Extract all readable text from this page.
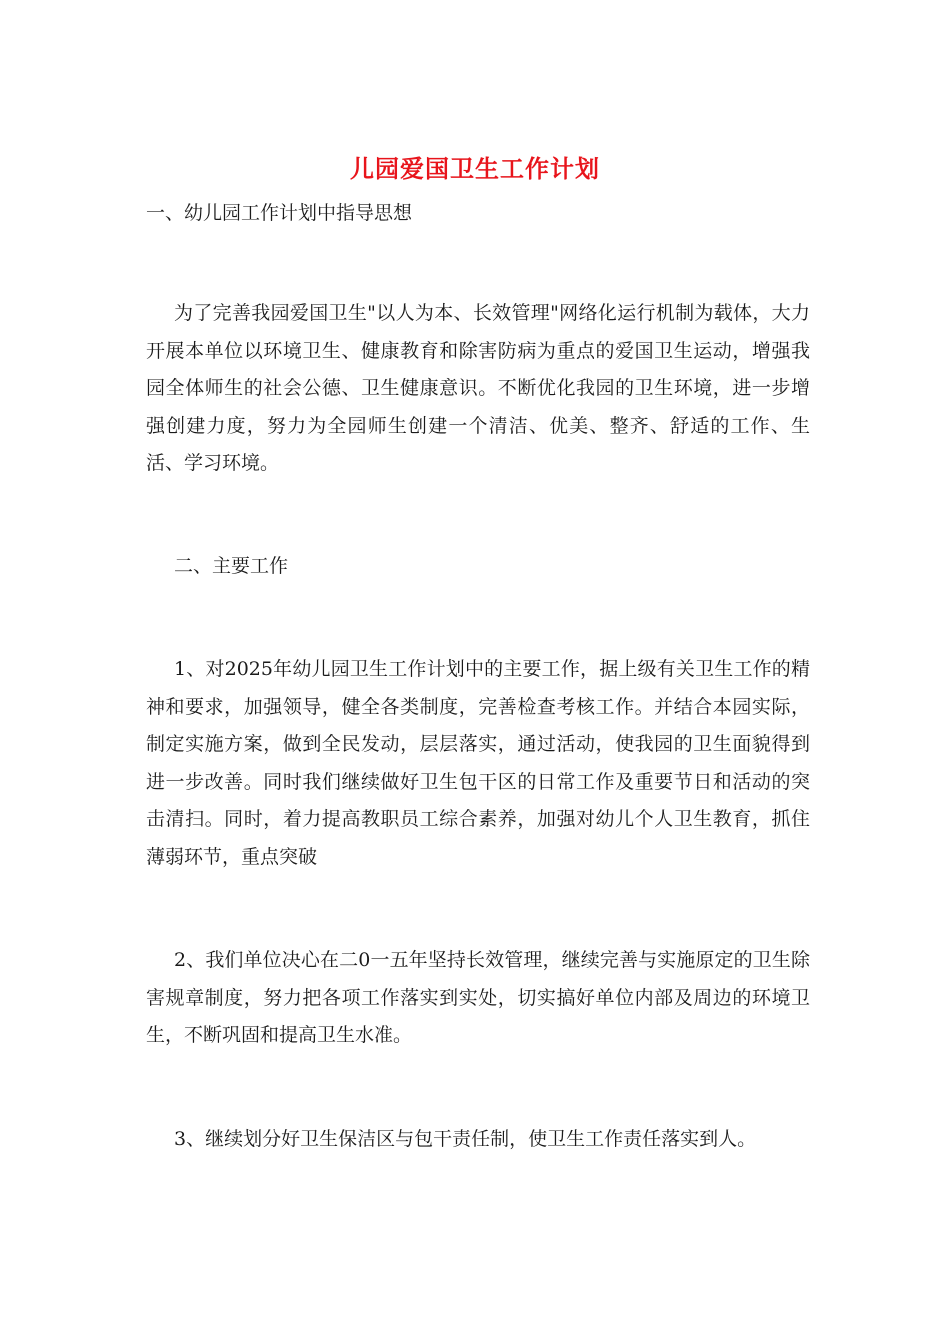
儿园爱国卫生工作计划
一、幼儿园工作计划中指导思想

为了完善我园爱国卫生"以人为本、长效管理"网络化运行机制为载体，大力开展本单位以环境卫生、健康教育和除害防病为重点的爱国卫生运动，增强我园全体师生的社会公德、卫生健康意识。不断优化我园的卫生环境，进一步增强创建力度，努力为全园师生创建一个清洁、优美、整齐、舒适的工作、生活、学习环境。

二、主要工作

1、对2025年幼儿园卫生工作计划中的主要工作，据上级有关卫生工作的精神和要求，加强领导，健全各类制度，完善检查考核工作。并结合本园实际，制定实施方案，做到全民发动，层层落实，通过活动，使我园的卫生面貌得到进一步改善。同时我们继续做好卫生包干区的日常工作及重要节日和活动的突击清扫。同时，着力提高教职员工综合素养，加强对幼儿个人卫生教育，抓住薄弱环节，重点突破

2、我们单位决心在二0一五年坚持长效管理，继续完善与实施原定的卫生除害规章制度，努力把各项工作落实到实处，切实搞好单位内部及周边的环境卫生，不断巩固和提高卫生水准。

3、继续划分好卫生保洁区与包干责任制，使卫生工作责任落实到人。
